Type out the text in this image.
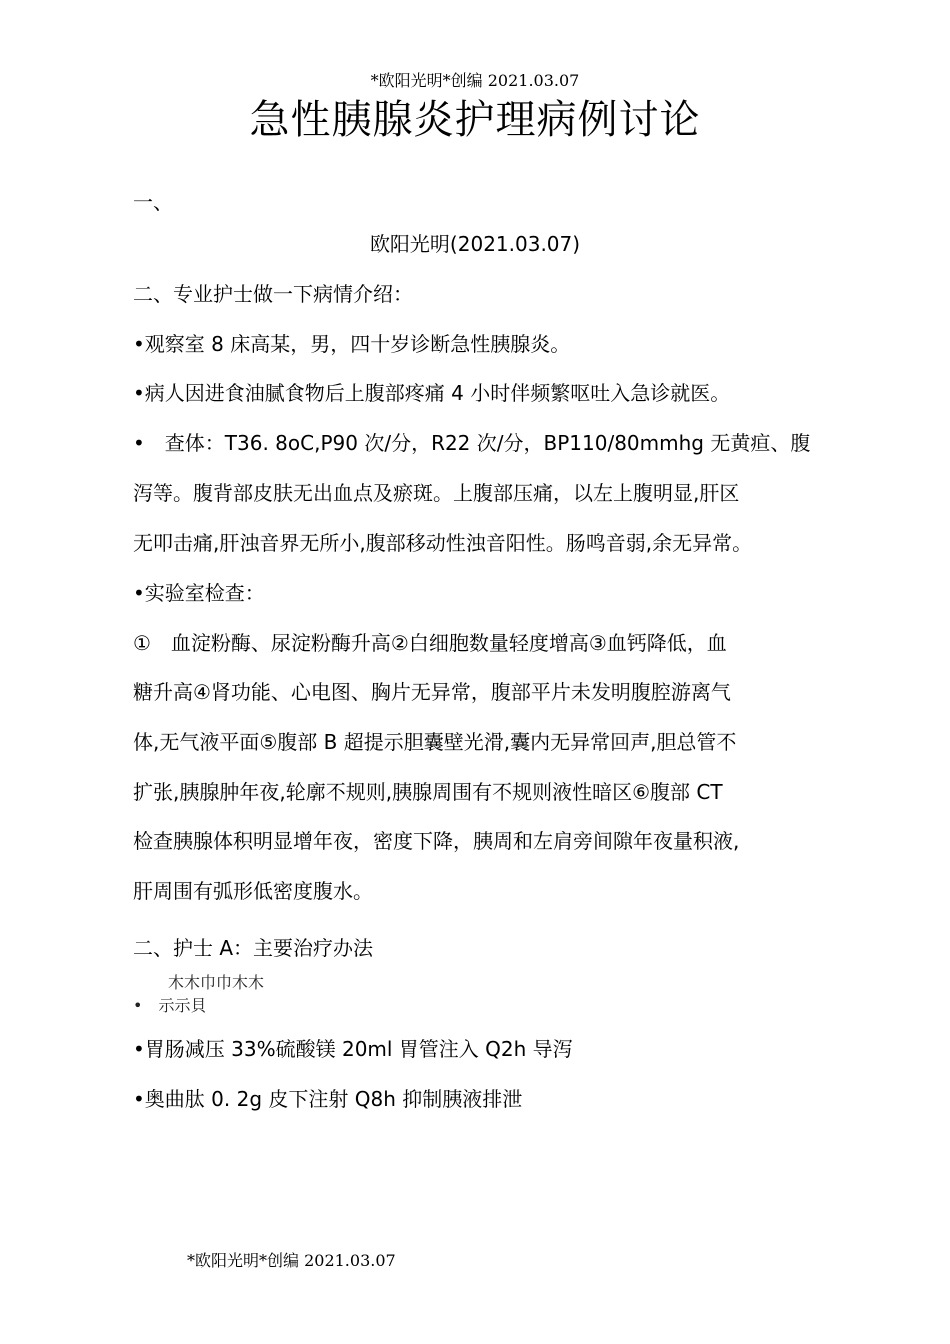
*欧阳光明*创编 2021.03.07
急性胰腺炎护理病例讨论
一、
欧阳光明(2021.03.07)
二、专业护士做一下病情介绍：
•观察室 8 床高某，男，四十岁诊断急性胰腺炎。
•病人因进食油腻食物后上腹部疼痛 4 小时伴频繁呕吐入急诊就医。
•　查体：T36. 8oC,P90 次/分，R22 次/分，BP110/80mmhg 无黄疸、腹
泻等。腹背部皮肤无出血点及瘀斑。上腹部压痛，以左上腹明显,肝区
无叩击痛,肝浊音界无所小,腹部移动性浊音阳性。肠鸣音弱,余无异常。
•实验室检查：
①　血淀粉酶、尿淀粉酶升高②白细胞数量轻度增高③血钙降低，血
糖升高④肾功能、心电图、胸片无异常，腹部平片未发明腹腔游离气
体,无气液平面⑤腹部 B 超提示胆囊壁光滑,囊内无异常回声,胆总管不
扩张,胰腺肿年夜,轮廓不规则,胰腺周围有不规则液性暗区⑥腹部 CT
检查胰腺体积明显增年夜，密度下降，胰周和左肩旁间隙年夜量积液,
肝周围有弧形低密度腹水。
二、护士 A：主要治疗办法
木木巾巾木木
•　示示貝
•胃肠减压 33%硫酸镁 20ml 胃管注入 Q2h 导泻
•奥曲肽 0. 2g 皮下注射 Q8h 抑制胰液排泄
*欧阳光明*创编 2021.03.07
